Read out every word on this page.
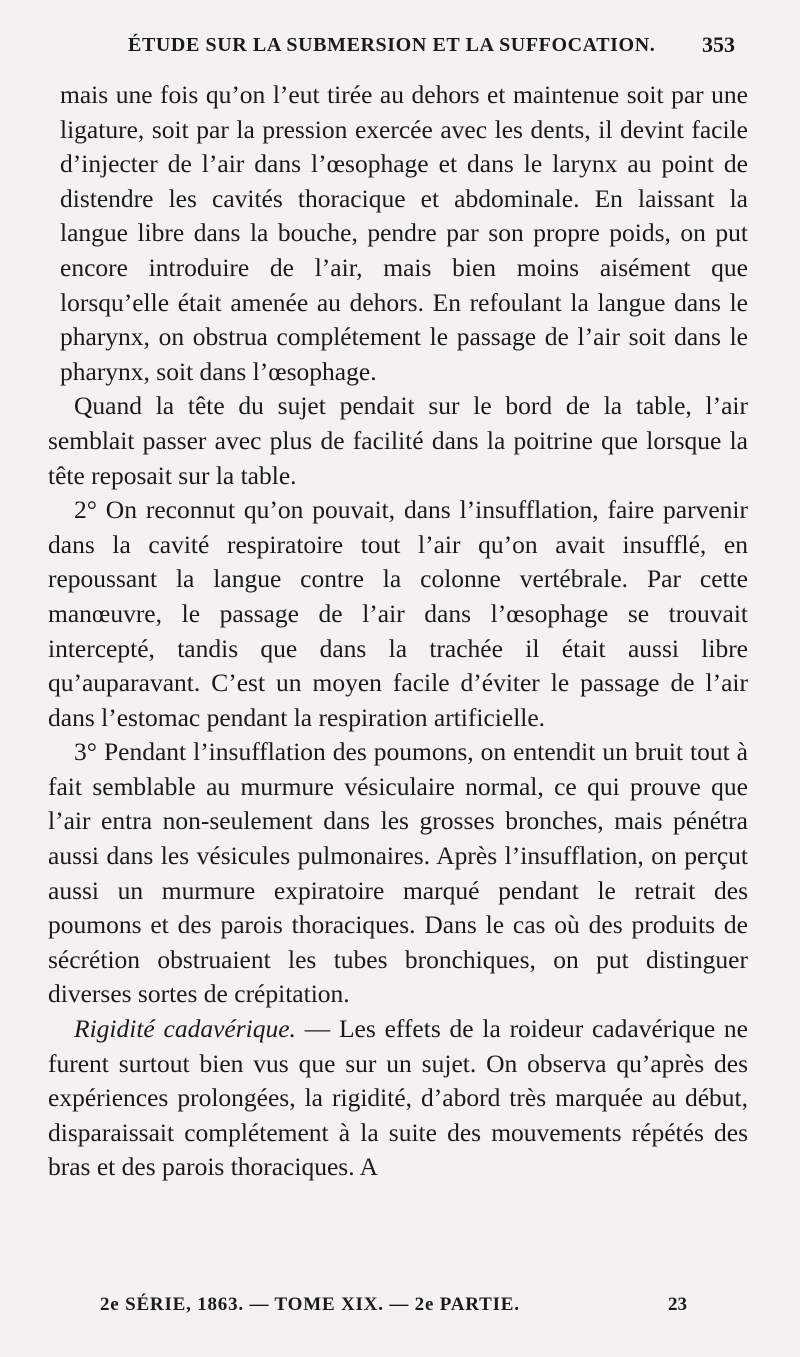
ÉTUDE SUR LA SUBMERSION ET LA SUFFOCATION. 353

mais une fois qu’on l’eut tirée au dehors et maintenue soit par une ligature, soit par la pression exercée avec les dents, il devint facile d’injecter de l’air dans l’œsophage et dans le larynx au point de distendre les cavités thoracique et abdominale. En laissant la langue libre dans la bouche, pendre par son propre poids, on put encore introduire de l’air, mais bien moins aisément que lorsqu’elle était amenée au dehors. En refoulant la langue dans le pharynx, on obstrua complétement le passage de l’air soit dans le pharynx, soit dans l’œsophage.

Quand la tête du sujet pendait sur le bord de la table, l’air semblait passer avec plus de facilité dans la poitrine que lorsque la tête reposait sur la table.

2° On reconnut qu’on pouvait, dans l’insufflation, faire parvenir dans la cavité respiratoire tout l’air qu’on avait insufflé, en repoussant la langue contre la colonne vertébrale. Par cette manœuvre, le passage de l’air dans l’œsophage se trouvait intercepté, tandis que dans la trachée il était aussi libre qu’auparavant. C’est un moyen facile d’éviter le passage de l’air dans l’estomac pendant la respiration artificielle.

3° Pendant l’insufflation des poumons, on entendit un bruit tout à fait semblable au murmure vésiculaire normal, ce qui prouve que l’air entra non-seulement dans les grosses bronches, mais pénétra aussi dans les vésicules pulmonaires. Après l’insufflation, on perçut aussi un murmure expiratoire marqué pendant le retrait des poumons et des parois thoraciques. Dans le cas où des produits de sécrétion obstruaient les tubes bronchiques, on put distinguer diverses sortes de crépitation.

Rigidité cadavérique. — Les effets de la roideur cadavérique ne furent surtout bien vus que sur un sujet. On observa qu’après des expériences prolongées, la rigidité, d’abord très marquée au début, disparaissait complétement à la suite des mouvements répétés des bras et des parois thoraciques. A

2e SÉRIE, 1863. — TOME XIX. — 2e PARTIE.	23
